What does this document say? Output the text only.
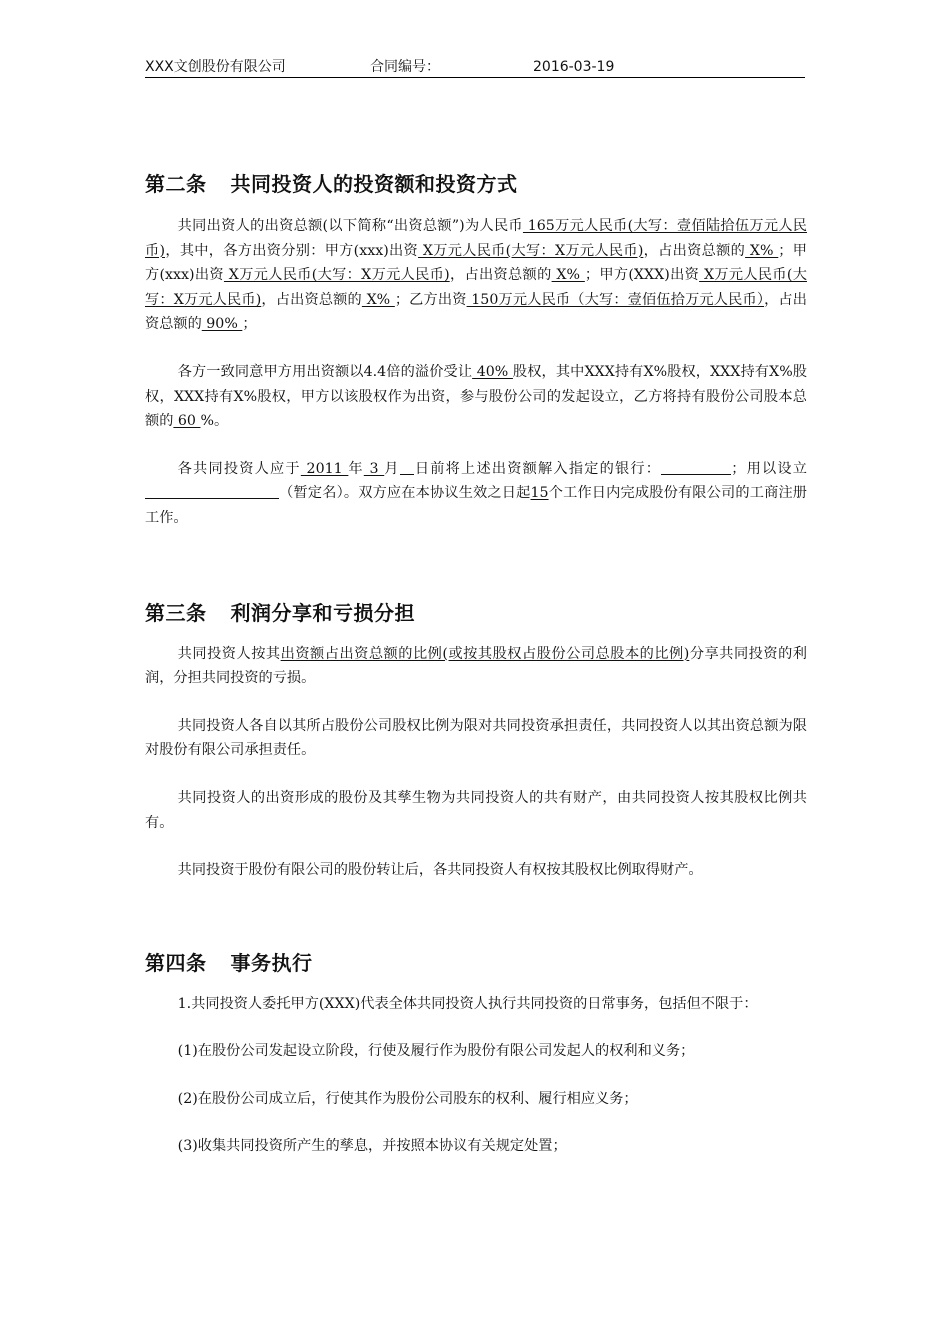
XXX文创股份有限公司	合同编号：	2016-03-19
第二条 共同投资人的投资额和投资方式

共同出资人的出资总额(以下简称“出资总额”)为人民币 165万元人民币(大写：壹佰陆拾伍万元人民币)，其中，各方出资分别：甲方(xxx)出资 X万元人民币(大写：X万元人民币)，占出资总额的 X% ；甲方(xxx)出资 X万元人民币(大写：X万元人民币)，占出资总额的 X% ；甲方(XXX)出资 X万元人民币(大写：X万元人民币)，占出资总额的 X% ；乙方出资 150万元人民币（大写：壹佰伍拾万元人民币），占出资总额的 90% ；

各方一致同意甲方用出资额以4.4倍的溢价受让 40% 股权，其中XXX持有X%股权，XXX持有X%股权，XXX持有X%股权，甲方以该股权作为出资，参与股份公司的发起设立，乙方将持有股份公司股本总额的 60 %。

各共同投资人应于 2011 年 3 月 日前将上述出资额解入指定的银行：	；用以设立（暂定名）。双方应在本协议生效之日起15个工作日内完成股份有限公司的工商注册工作。

第三条 利润分享和亏损分担

共同投资人按其出资额占出资总额的比例(或按其股权占股份公司总股本的比例)分享共同投资的利润，分担共同投资的亏损。

共同投资人各自以其所占股份公司股权比例为限对共同投资承担责任，共同投资人以其出资总额为限对股份有限公司承担责任。

共同投资人的出资形成的股份及其孳生物为共同投资人的共有财产，由共同投资人按其股权比例共有。

共同投资于股份有限公司的股份转让后，各共同投资人有权按其股权比例取得财产。

第四条 事务执行

1.共同投资人委托甲方(XXX)代表全体共同投资人执行共同投资的日常事务，包括但不限于：

(1)在股份公司发起设立阶段，行使及履行作为股份有限公司发起人的权利和义务；

(2)在股份公司成立后，行使其作为股份公司股东的权利、履行相应义务；

(3)收集共同投资所产生的孳息，并按照本协议有关规定处置；
